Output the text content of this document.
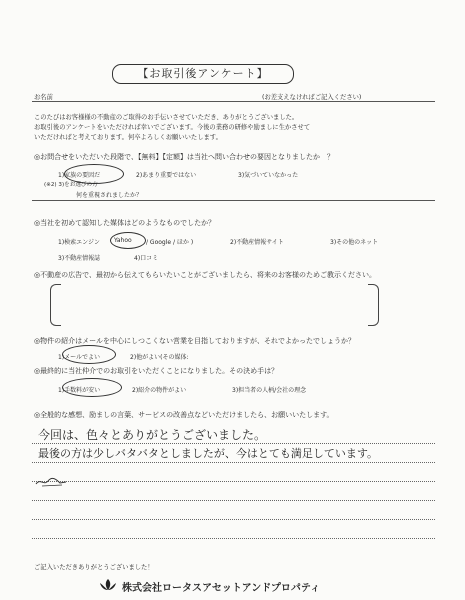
【お取引後アンケート】
お名前	(お差支えなければご記入ください)
このたびはお客様様の不動産のご取得のお手伝いさせていただき、ありがとうございました。
お取引後のアンケートをいただければ幸いでございます。今後の業務の研修や励ましに生かさせて
いただければと考えております。何卒よろしくお願いいたします。
◎お問合せをいただいた段階で、【無料】【定額】は当社へ問い合わせの要因となりましたか　？
1)家族の要因だ	2)あまり重要ではない	3)気づいていなかった
(※2) 3)をお選びの方
何を重視されましたか？
◎当社を初めて認知した媒体はどのようなものでしたか？
1)検索エンジン Yahoo / Google / ほか )	2)不動産情報サイト	3)その他のネット
3)不動産情報誌	4)口コミ
◎不動産の広告で、最初から伝えてもらいたいことがございましたら、将来のお客様のためご教示ください。
◎物件の紹介はメールを中心にしつこくない営業を目指しておりますが、それでよかったでしょうか？
1)メールでよい	2)他がよい(その媒体:
◎最終的に当社仲介でのお取引をいただくことになりました。その決め手は？
1)手数料が安い	2)紹介の物件がよい	3)担当者の人柄/会社の理念
◎全般的な感想、励ましの言葉、サービスの改善点などいただけましたら、お願いいたします。
今回は、色々とありがとうございました。
最後の方は少しバタバタとしましたが、今はとても満足しています。
ご記入いただきありがとうございました！
株式会社ロータスアセットアンドプロパティ
